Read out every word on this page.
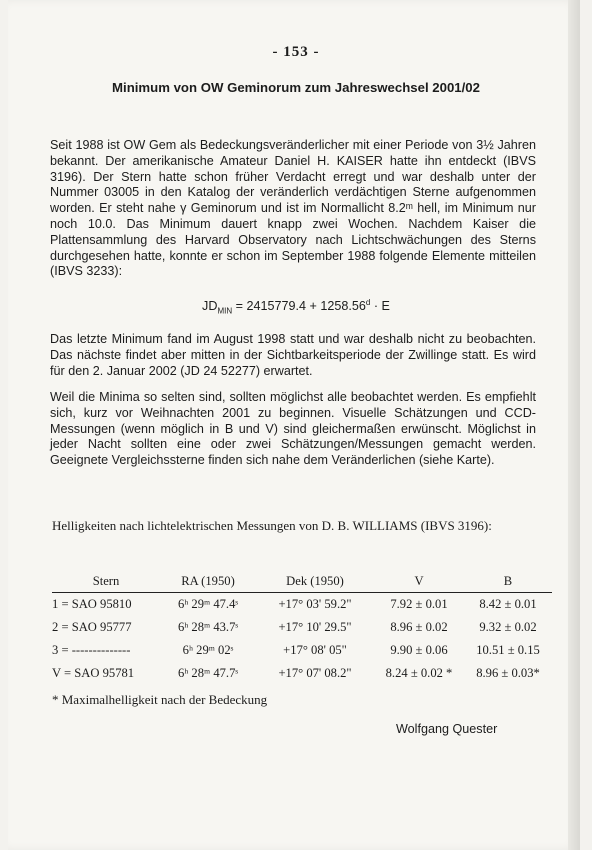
- 153 -
Minimum von OW Geminorum zum Jahreswechsel 2001/02
Seit 1988 ist OW Gem als Bedeckungsveränderlicher mit einer Periode von 3½ Jahren bekannt. Der amerikanische Amateur Daniel H. KAISER hatte ihn entdeckt (IBVS 3196). Der Stern hatte schon früher Verdacht erregt und war deshalb unter der Nummer 03005 in den Katalog der veränderlich verdächtigen Sterne aufgenommen worden. Er steht nahe γ Geminorum und ist im Normallicht 8.2ᵐ hell, im Minimum nur noch 10.0. Das Minimum dauert knapp zwei Wochen. Nachdem Kaiser die Plattensammlung des Harvard Observatory nach Lichtschwächungen des Sterns durchgesehen hatte, konnte er schon im September 1988 folgende Elemente mitteilen (IBVS 3233):
$JD_{MIN} = 2415779.4 + 1258.56^d \cdot E$
Das letzte Minimum fand im August 1998 statt und war deshalb nicht zu beobachten. Das nächste findet aber mitten in der Sichtbarkeitsperiode der Zwillinge statt. Es wird für den 2. Januar 2002 (JD 24 52277) erwartet.
Weil die Minima so selten sind, sollten möglichst alle beobachtet werden. Es empfiehlt sich, kurz vor Weihnachten 2001 zu beginnen. Visuelle Schätzungen und CCD-Messungen (wenn möglich in B und V) sind gleichermaßen erwünscht. Möglichst in jeder Nacht sollten eine oder zwei Schätzungen/Messungen gemacht werden. Geeignete Vergleichssterne finden sich nahe dem Veränderlichen (siehe Karte).
Helligkeiten nach lichtelektrischen Messungen von D. B. WILLIAMS (IBVS 3196):
Stern	RA (1950)	Dek (1950)	V	B
1 = SAO 95810	6ʰ 29ᵐ 47.4ˢ	+17° 03' 59.2"	7.92 ± 0.01	8.42 ± 0.01
2 = SAO 95777	6ʰ 28ᵐ 43.7ˢ	+17° 10' 29.5"	8.96 ± 0.02	9.32 ± 0.02
3 = --------------	6ʰ 29ᵐ 02ˢ	+17° 08' 05"	9.90 ± 0.06	10.51 ± 0.15
V = SAO 95781	6ʰ 28ᵐ 47.7ˢ	+17° 07' 08.2"	8.24 ± 0.02 *	8.96 ± 0.03*
* Maximalhelligkeit nach der Bedeckung
Wolfgang Quester
